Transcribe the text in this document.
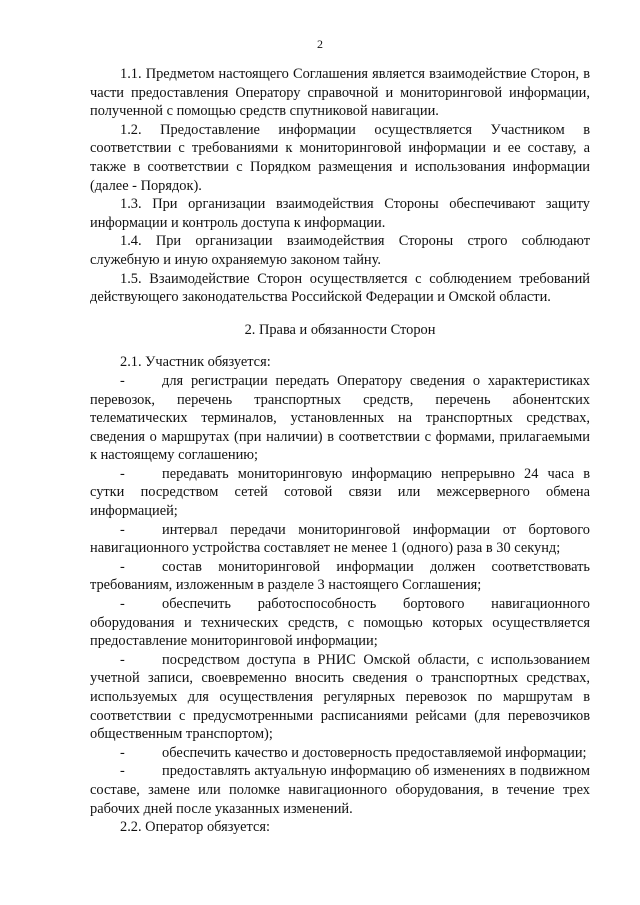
2

1.1. Предметом настоящего Соглашения является взаимодействие Сторон, в части предоставления Оператору справочной и мониторинговой информации, полученной с помощью средств спутниковой навигации.

1.2. Предоставление информации осуществляется Участником в соответствии с требованиями к мониторинговой информации и ее составу, а также в соответствии с Порядком размещения и использования информации (далее - Порядок).

1.3. При организации взаимодействия Стороны обеспечивают защиту информации и контроль доступа к информации.

1.4. При организации взаимодействия Стороны строго соблюдают служебную и иную охраняемую законом тайну.

1.5. Взаимодействие Сторон осуществляется с соблюдением требований действующего законодательства Российской Федерации и Омской области.

2. Права и обязанности Сторон

2.1. Участник обязуется:

-	для регистрации передать Оператору сведения о характеристиках перевозок, перечень транспортных средств, перечень абонентских телематических терминалов, установленных на транспортных средствах, сведения о маршрутах (при наличии) в соответствии с формами, прилагаемыми к настоящему соглашению;

-	передавать мониторинговую информацию непрерывно 24 часа в сутки посредством сетей сотовой связи или межсерверного обмена информацией;

-	интервал передачи мониторинговой информации от бортового навигационного устройства составляет не менее 1 (одного) раза в 30 секунд;

-	состав мониторинговой информации должен соответствовать требованиям, изложенным в разделе 3 настоящего Соглашения;

-	обеспечить работоспособность бортового навигационного оборудования и технических средств, с помощью которых осуществляется предоставление мониторинговой информации;

-	посредством доступа в РНИС Омской области, с использованием учетной записи, своевременно вносить сведения о транспортных средствах, используемых для осуществления регулярных перевозок по маршрутам в соответствии с предусмотренными расписаниями рейсами (для перевозчиков общественным транспортом);

-	обеспечить качество и достоверность предоставляемой информации;

-	предоставлять актуальную информацию об изменениях в подвижном составе, замене или поломке навигационного оборудования, в течение трех рабочих дней после указанных изменений.

2.2. Оператор обязуется:
